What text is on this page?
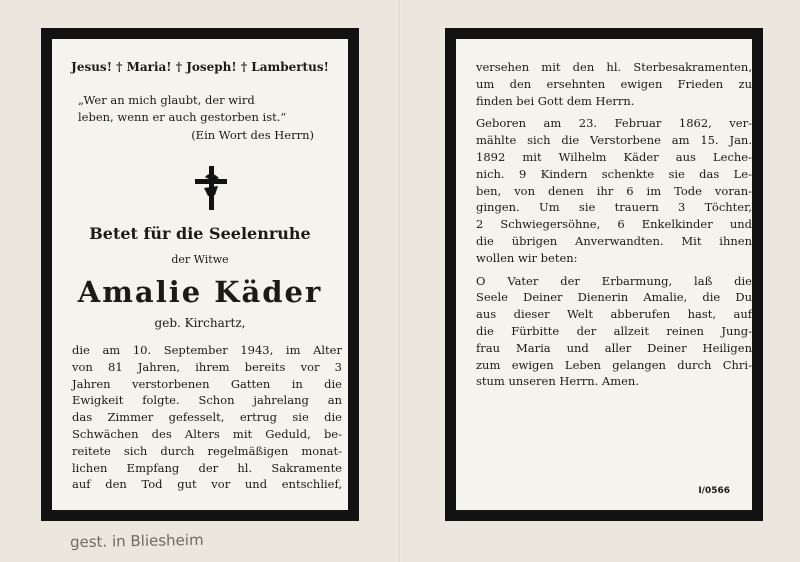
Jesus! † Maria! † Joseph! † Lambertus!
„Wer an mich glaubt, der wird
leben, wenn er auch gestorben ist.“
(Ein Wort des Herrn)
Betet für die Seelenruhe
der Witwe
Amalie Käder
geb. Kirchartz,
die am 10. September 1943, im Alter
von 81 Jahren, ihrem bereits vor 3
Jahren verstorbenen Gatten in die
Ewigkeit folgte. Schon jahrelang an
das Zimmer gefesselt, ertrug sie die
Schwächen des Alters mit Geduld, be-
reitete sich durch regelmäßigen monat-
lichen Empfang der hl. Sakramente
auf den Tod gut vor und entschlief,
versehen mit den hl. Sterbesakramenten,
um den ersehnten ewigen Frieden zu
finden bei Gott dem Herrn.
Geboren am 23. Februar 1862, ver-
mählte sich die Verstorbene am 15. Jan.
1892 mit Wilhelm Käder aus Leche-
nich. 9 Kindern schenkte sie das Le-
ben, von denen ihr 6 im Tode voran-
gingen. Um sie trauern 3 Töchter,
2 Schwiegersöhne, 6 Enkelkinder und
die übrigen Anverwandten. Mit ihnen
wollen wir beten:
O Vater der Erbarmung, laß die
Seele Deiner Dienerin Amalie, die Du
aus dieser Welt abberufen hast, auf
die Fürbitte der allzeit reinen Jung-
frau Maria und aller Deiner Heiligen
zum ewigen Leben gelangen durch Chri-
stum unseren Herrn. Amen.
I/0566
gest. in Bliesheim
